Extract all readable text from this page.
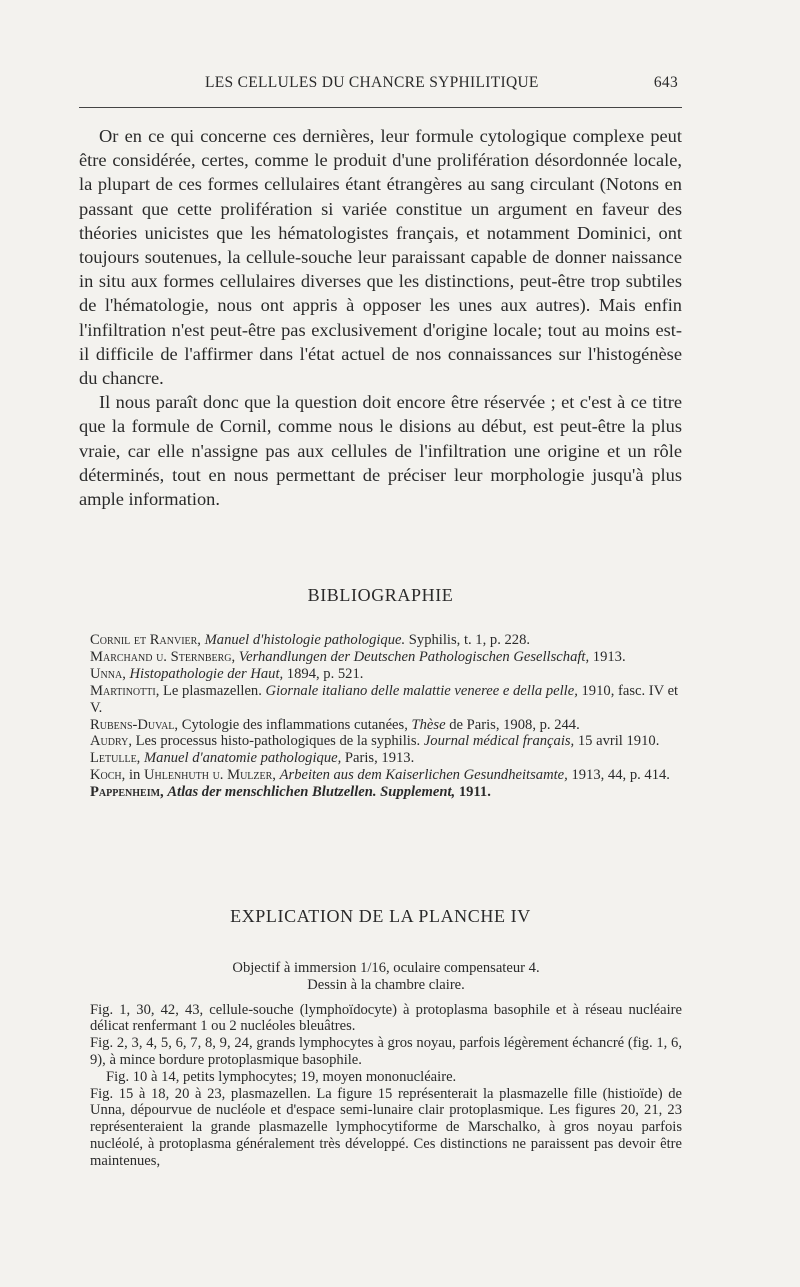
LES CELLULES DU CHANCRE SYPHILITIQUE	643

Or en ce qui concerne ces dernières, leur formule cytologique complexe peut être considérée, certes, comme le produit d'une prolifération désordonnée locale, la plupart de ces formes cellulaires étant étrangères au sang circulant (Notons en passant que cette prolifération si variée constitue un argument en faveur des théories unicistes que les hématologistes français, et notamment Dominici, ont toujours soutenues, la cellule-souche leur paraissant capable de donner naissance in situ aux formes cellulaires diverses que les distinctions, peut-être trop subtiles de l'hématologie, nous ont appris à opposer les unes aux autres). Mais enfin l'infiltration n'est peut-être pas exclusivement d'origine locale; tout au moins est-il difficile de l'affirmer dans l'état actuel de nos connaissances sur l'histogénèse du chancre.

Il nous paraît donc que la question doit encore être réservée ; et c'est à ce titre que la formule de Cornil, comme nous le disions au début, est peut-être la plus vraie, car elle n'assigne pas aux cellules de l'infiltration une origine et un rôle déterminés, tout en nous permettant de préciser leur morphologie jusqu'à plus ample information.

BIBLIOGRAPHIE
Cornil et Ranvier, Manuel d'histologie pathologique. Syphilis, t. 1, p. 228.
Marchand u. Sternberg, Verhandlungen der Deutschen Pathologischen Gesellschaft, 1913.
Unna, Histopathologie der Haut, 1894, p. 521.
Martinotti, Le plasmazellen. Giornale italiano delle malattie veneree e della pelle, 1910, fasc. IV et V.
Rubens-Duval, Cytologie des inflammations cutanées, Thèse de Paris, 1908, p. 244.
Audry, Les processus histo-pathologiques de la syphilis. Journal médical français, 15 avril 1910.
Letulle, Manuel d'anatomie pathologique, Paris, 1913.
Koch, in Uhlenhuth u. Mulzer, Arbeiten aus dem Kaiserlichen Gesundheitsamte, 1913, 44, p. 414.
Pappenheim, Atlas der menschlichen Blutzellen. Supplement, 1911.
EXPLICATION DE LA PLANCHE IV
Objectif à immersion 1/16, oculaire compensateur 4.
Dessin à la chambre claire.
Fig. 1, 30, 42, 43, cellule-souche (lymphoïdocyte) à protoplasma basophile et à réseau nucléaire délicat renfermant 1 ou 2 nucléoles bleuâtres.
Fig. 2, 3, 4, 5, 6, 7, 8, 9, 24, grands lymphocytes à gros noyau, parfois légèrement échancré (fig. 1, 6, 9), à mince bordure protoplasmique basophile.
Fig. 10 à 14, petits lymphocytes; 19, moyen mononucléaire.
Fig. 15 à 18, 20 à 23, plasmazellen. La figure 15 représenterait la plasmazelle fille (histioïde) de Unna, dépourvue de nucléole et d'espace semi-lunaire clair protoplasmique. Les figures 20, 21, 23 représenteraient la grande plasmazelle lymphocytiforme de Marschalko, à gros noyau parfois nucléolé, à protoplasma généralement très développé. Ces distinctions ne paraissent pas devoir être maintenues,
